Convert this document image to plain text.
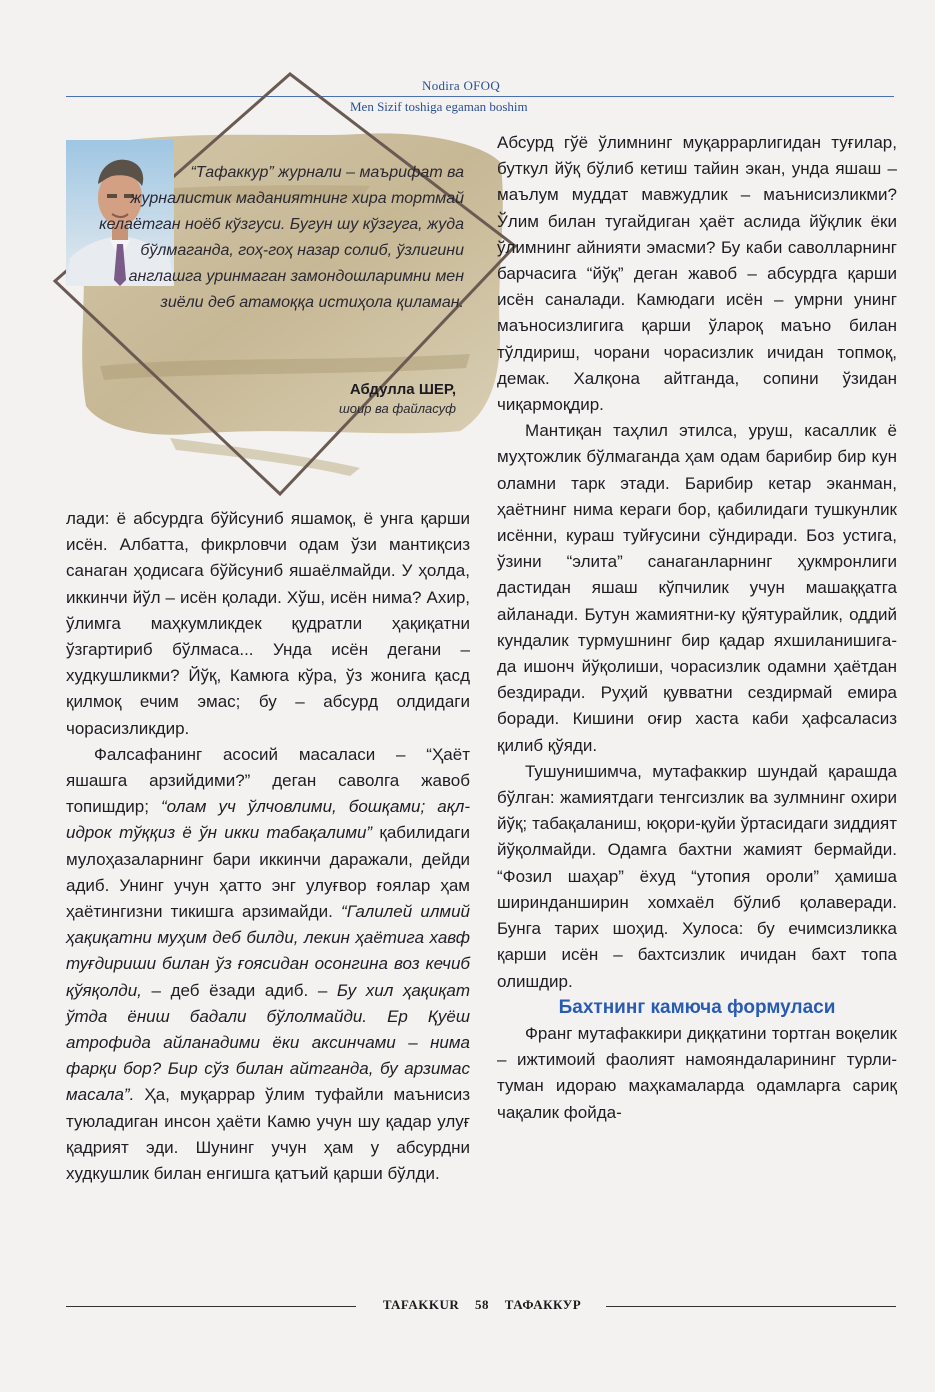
Nodira OFOQ
Men Sizif toshiga egaman boshim
“Тафаккур” журнали – маърифат ва журналистик маданиятнинг хира тортмай келаётган ноёб кўзгуси. Бугун шу кўзгуга, жуда бўлмаганда, гоҳ-гоҳ назар солиб, ўзлигини англашга уринмаган замондошларимни мен зиёли деб атамоққа истиҳола қиламан.
Абдулла ШЕР,
шоир ва файласуф

лади: ё абсурдга бўйсуниб яшамоқ, ё унга қарши исён. Албатта, фикрловчи одам ўзи мантиқсиз санаган ҳодисага бўйсуниб яшаёлмайди. У ҳолда, иккинчи йўл – исён қолади. Хўш, исён нима? Ахир, ўлимга маҳкумликдек қудратли ҳақиқатни ўзгартириб бўлмаса... Унда исён дегани – худкушликми? Йўқ, Камюга кўра, ўз жонига қасд қилмоқ ечим эмас; бу – абсурд олдидаги чорасизликдир.

Фалсафанинг асосий масаласи – “Ҳаёт яшашга арзийдими?” деган саволга жавоб топишдир; “олам уч ўлчовлими, бошқами; ақл-идрок тўққиз ё ўн икки табақалими” қабилидаги мулоҳазаларнинг бари иккинчи даражали, дейди адиб. Унинг учун ҳатто энг улуғвор ғоялар ҳам ҳаётингизни тикишга арзимайди. “Галилей илмий ҳақиқатни муҳим деб билди, лекин ҳаётига хавф туғдириши билан ўз ғоясидан осонгина воз кечиб қўяқолди, – деб ёзади адиб. – Бу хил ҳақиқат ўтда ёниш бадали бўлолмайди. Ер Қуёш атрофида айланадими ёки аксинчами – нима фарқи бор? Бир сўз билан айтганда, бу арзимас масала”. Ҳа, муқаррар ўлим туфайли маънисиз туюладиган инсон ҳаёти Камю учун шу қадар улуғ қадрият эди. Шунинг учун ҳам у абсурдни худкушлик билан енгишга қатъий қарши бўлди.

Абсурд гўё ўлимнинг муқаррарлигидан туғилар, буткул йўқ бўлиб кетиш тайин экан, унда яшаш – маълум муддат мавжудлик – маънисизликми? Ўлим билан тугайдиган ҳаёт аслида йўқлик ёки ўлимнинг айнияти эмасми? Бу каби саволларнинг барчасига “йўқ” деган жавоб – абсурдга қарши исён саналади. Камюдаги исён – умрни унинг маъносизлигига қарши ўлароқ маъно билан тўлдириш, чорани чорасизлик ичидан топмоқ, демак. Халқона айтганда, сопини ўзидан чиқармоқдир.

Мантиқан таҳлил этилса, уруш, касаллик ё муҳтожлик бўлмаганда ҳам одам барибир бир кун оламни тарк этади. Барибир кетар эканман, ҳаётнинг нима кераги бор, қабилидаги тушкунлик исённи, кураш туйғусини сўндиради. Боз устига, ўзини “элита” санаганларнинг ҳукмронлиги дастидан яшаш кўпчилик учун машаққатга айланади. Бутун жамиятни-ку қўятурайлик, оддий кундалик турмушнинг бир қадар яхшиланишига-да ишонч йўқолиши, чорасизлик одамни ҳаётдан бездиради. Руҳий қувватни сездирмай емира боради. Кишини оғир хаста каби ҳафсаласиз қилиб қўяди.

Тушунишимча, мутафаккир шундай қарашда бўлган: жамиятдаги тенгсизлик ва зулмнинг охири йўқ; табақаланиш, юқори-қуйи ўртасидаги зиддият йўқолмайди. Одамга бахтни жамият бермайди. “Фозил шаҳар” ёхуд “утопия ороли” ҳамиша ширинданширин хомхаёл бўлиб қолаверади. Бунга тарих шоҳид. Хулоса: бу ечимсизликка қарши исён – бахтсизлик ичидан бахт топа олишдир.

Бахтнинг камюча формуласи

Франг мутафаккири диққатини тортган воқелик – ижтимоий фаолият намояндаларининг турли-туман идораю маҳкамаларда одамларга сариқ чақалик фойда-

TAFAKKUR 58 ТАФАККУР
